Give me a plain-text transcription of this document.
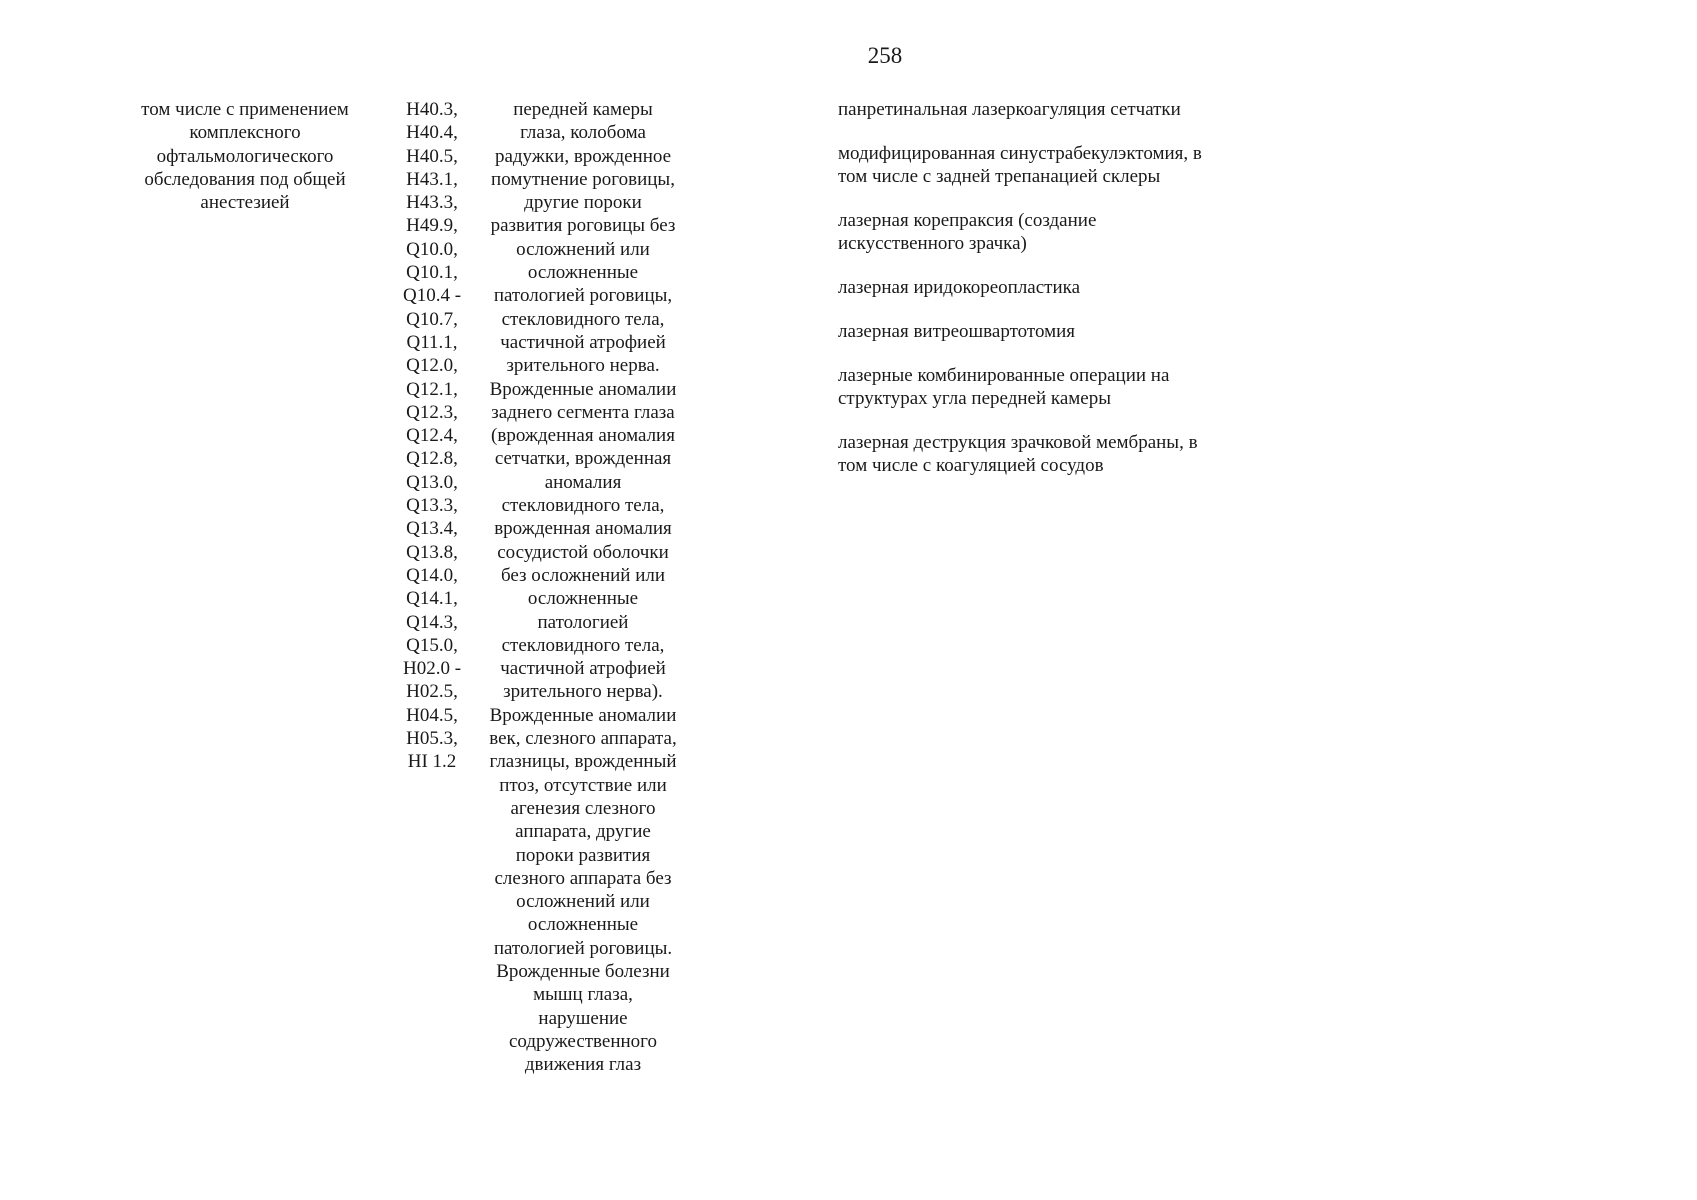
258
том числе с применением
комплексного
офтальмологического
обследования под общей
анестезией
H40.3,
H40.4,
H40.5,
H43.1,
H43.3,
H49.9,
Q10.0,
Q10.1,
Q10.4 -
Q10.7,
Q11.1,
Q12.0,
Q12.1,
Q12.3,
Q12.4,
Q12.8,
Q13.0,
Q13.3,
Q13.4,
Q13.8,
Q14.0,
Q14.1,
Q14.3,
Q15.0,
H02.0 -
H02.5,
H04.5,
H05.3,
HI 1.2
передней камеры
глаза, колобома
радужки, врожденное
помутнение роговицы,
другие пороки
развития роговицы без
осложнений или
осложненные
патологией роговицы,
стекловидного тела,
частичной атрофией
зрительного нерва.
Врожденные аномалии
заднего сегмента глаза
(врожденная аномалия
сетчатки, врожденная
аномалия
стекловидного тела,
врожденная аномалия
сосудистой оболочки
без осложнений или
осложненные
патологией
стекловидного тела,
частичной атрофией
зрительного нерва).
Врожденные аномалии
век, слезного аппарата,
глазницы, врожденный
птоз, отсутствие или
агенезия слезного
аппарата, другие
пороки развития
слезного аппарата без
осложнений или
осложненные
патологией роговицы.
Врожденные болезни
мышц глаза,
нарушение
содружественного
движения глаз
панретинальная лазеркоагуляция сетчатки
модифицированная синустрабекулэктомия, в
том числе с задней трепанацией склеры
лазерная корепраксия (создание
искусственного зрачка)
лазерная иридокореопластика
лазерная витреошвартотомия
лазерные комбинированные операции на
структурах угла передней камеры
лазерная деструкция зрачковой мембраны, в
том числе с коагуляцией сосудов
